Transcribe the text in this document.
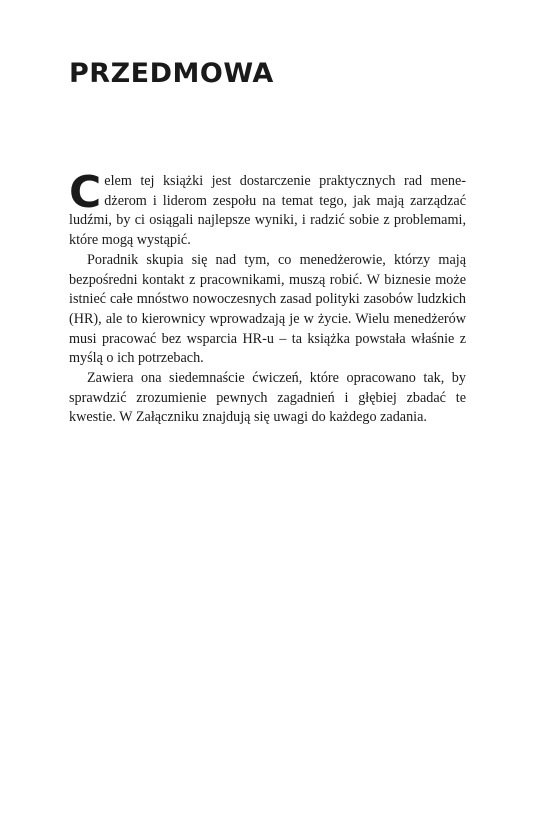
PRZEDMOWA

Celem tej książki jest dostarczenie praktycznych rad menedżerom i liderom zespołu na temat tego, jak mają zarządzać ludźmi, by ci osiągali najlepsze wyniki, i radzić sobie z problemami, które mogą wystąpić.

Poradnik skupia się nad tym, co menedżerowie, którzy mają bezpośredni kontakt z pracownikami, muszą robić. W biznesie może istnieć całe mnóstwo nowoczesnych zasad polityki zasobów ludzkich (HR), ale to kierownicy wprowadzają je w życie. Wielu menedżerów musi pracować bez wsparcia HR-u – ta książka powstała właśnie z myślą o ich potrzebach.

Zawiera ona siedemnaście ćwiczeń, które opracowano tak, by sprawdzić zrozumienie pewnych zagadnień i głębiej zbadać te kwestie. W Załączniku znajdują się uwagi do każdego zadania.
